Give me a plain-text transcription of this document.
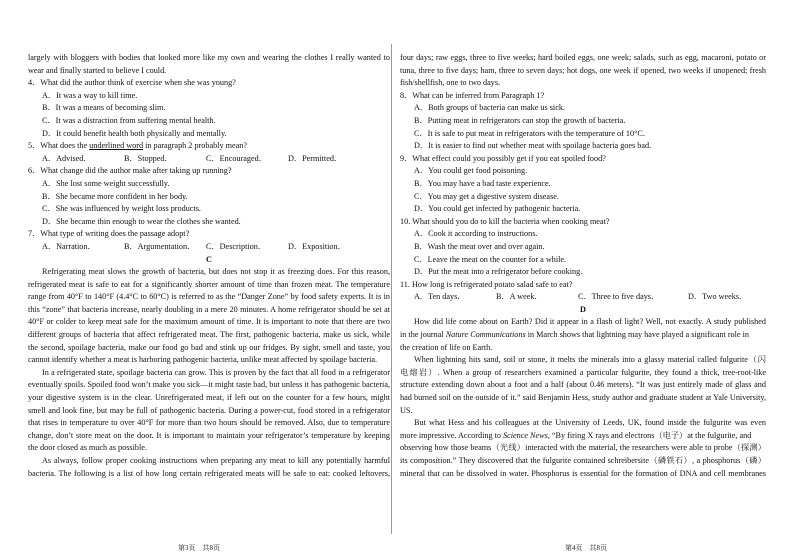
largely with bloggers with bodies that looked more like my own and wearing the clothes I really wanted to
wear and finally started to believe I could.
4．What did the author think of exercise when she was young?
A．It was a way to kill time.
B．It was a means of becoming slim.
C．It was a distraction from suffering mental health.
D．It could benefit health both physically and mentally.
5．What does the underlined word in paragraph 2 probably mean?
A．Advised．	B．Stopped．	C．Encouraged．	D．Permitted．
6．What change did the author make after taking up running?
A．She lost some weight successfully.
B．She became more confident in her body.
C．She was influenced by weight loss products.
D．She became thin enough to wear the clothes she wanted.
7．What type of writing does the passage adopt?
A．Narration．	B．Argumentation． C．Description．	D．Exposition．
C
Refrigerating meat slows the growth of bacteria, but does not stop it as freezing does. For this reason,
refrigerated meat is safe to eat for a significantly shorter amount of time than frozen meat. The temperature
range from 40°F to 140°F (4.4°C to 60°C) is referred to as the “Danger Zone” by food safety experts. It is in
this “zone” that bacteria increase, nearly doubling in a mere 20 minutes. A home refrigerator should be set at
40°F or colder to keep meat safe for the maximum amount of time. It is important to note that there are two
different groups of bacteria that affect refrigerated meat. The first, pathogenic bacteria, make us sick, while
the second, spoilage bacteria, make our food go bad and stink up our fridges. By sight, smell and taste, you
cannot identify whether a meat is harboring pathogenic bacteria, unlike meat affected by spoilage bacteria.
In a refrigerated state, spoilage bacteria can grow. This is proven by the fact that all food in a refrigerator
eventually spoils. Spoiled food won’t make you sick—it might taste bad, but unless it has pathogenic bacteria,
your digestive system is in the clear. Unrefrigerated meat, if left out on the counter for a few hours, might
smell and look fine, but may be full of pathogenic bacteria. During a power-cut, food stored in a refrigerator
that rises in temperature to over 40°F for more than two hours should be removed. Also, due to temperature
change, don’t store meat on the door. It is important to maintain your refrigerator’s temperature by keeping
the door closed as much as possible.
As always, follow proper cooking instructions when preparing any meat to kill any potentially harmful
bacteria. The following is a list of how long certain refrigerated meats will be safe to eat: cooked leftovers,
four days; raw eggs, three to five weeks; hard boiled eggs, one week; salads, such as egg, macaroni, potato or
tuna, three to five days; ham, three to seven days; hot dogs, one week if opened, two weeks if unopened; fresh
fish/shellfish, one to two days.
8．What can be inferred from Paragraph 1?
A．Both groups of bacteria can make us sick.
B．Putting meat in refrigerators can stop the growth of bacteria.
C．It is safe to put meat in refrigerators with the temperature of 10°C.
D．It is easier to find out whether meat with spoilage bacteria goes bad.
9．What effect could you possibly get if you eat spoiled food?
A．You could get food poisoning.
B．You may have a bad taste experience.
C．You may get a digestive system disease.
D．You could get infected by pathogenic bacteria.
10. What should you do to kill the bacteria when cooking meat?
A．Cook it according to instructions.
B．Wash the meat over and over again.
C．Leave the meat on the counter for a while.
D．Put the meat into a refrigerator before cooking.
11. How long is refrigerated potato salad safe to eat?
A．Ten days．	B．A week．	C．Three to five days．	D．Two weeks．
D
How did life come about on Earth? Did it appear in a flash of light? Well, not exactly. A study published
in the journal Nature Communications in March shows that lightning may have played a significant role in
the creation of life on Earth.
When lightning hits sand, soil or stone, it melts the minerals into a glassy material called fulgurite（闪
电熔岩）. When a group of researchers examined a particular fulgurite, they found a thick, tree-root-like
structure extending down about a foot and a half (about 0.46 meters). “It was just entirely made of glass and
had burned soil on the outside of it.” said Benjamin Hess, study author and graduate student at Yale University,
US.
But what Hess and his colleagues at the University of Leeds, UK, found inside the fulgurite was even
more impressive. According to Science News, “By firing X rays and electrons（电子）at the fulgurite, and
observing how those beams（光线）interacted with the material, the researchers were able to probe（探测）
its composition.” They discovered that the fulgurite contained schreibersite（磷铁石）, a phosphorus（磷）
mineral that can be dissolved in water. Phosphorus is essential for the formation of DNA and cell membranes
第3页　共8页	第4页　共8页
